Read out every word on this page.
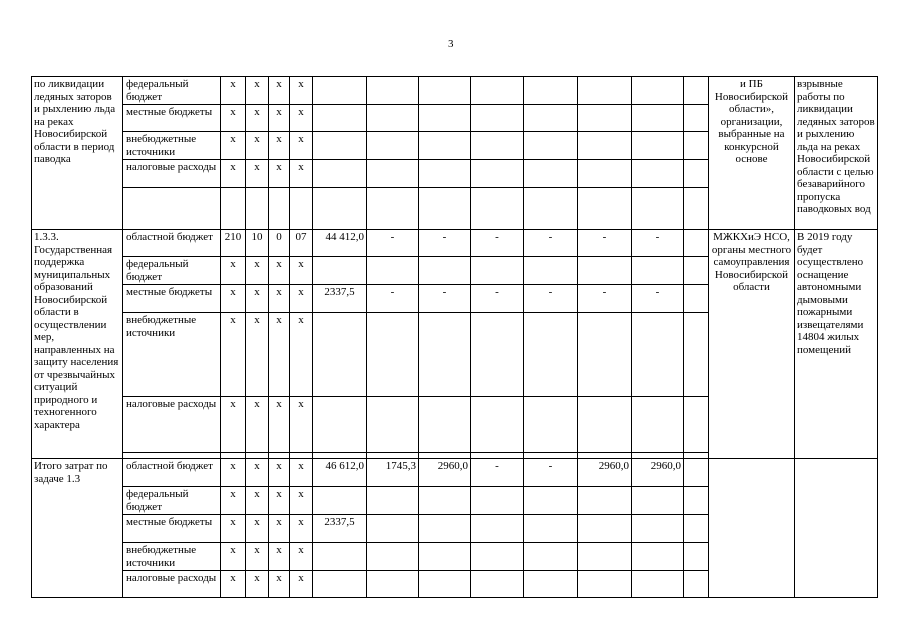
3
по ликвидации ледяных заторов и рыхлению льда на реках Новосибирской области в период паводка	федеральный бюджет	х	х	х	х									и ПБ Новосибирской области», организации, выбранные на конкурсной основе	взрывные работы по ликвидации ледяных заторов и рыхлению льда на реках Новосибирской области с целью безаварийного пропуска паводковых вод
	местные бюджеты	х	х	х	х										
	внебюджетные источники	х	х	х	х										
	налоговые расходы	х	х	х	х										

1.3.3. Государственная поддержка муниципальных образований Новосибирской области в осуществлении мер, направленных на защиту населения от чрезвычайных ситуаций природного и техногенного характера	областной бюджет	210	10	0	07	44 412,0	-	-	-	-	-	-		МЖКХиЭ НСО, органы местного самоуправления Новосибирской области	В 2019 году будет осуществлено оснащение автономными дымовыми пожарными извещателями 14804 жилых помещений
	федеральный бюджет	х	х	х	х										
	местные бюджеты	х	х	х	х	2337,5	-	-	-	-	-	-			
	внебюджетные источники	х	х	х	х										
	налоговые расходы	х	х	х	х										

Итого затрат по задаче 1.3	областной бюджет	х	х	х	х	46 612,0	1745,3	2960,0	-	-	2960,0	2960,0			
	федеральный бюджет	х	х	х	х										
	местные бюджеты	х	х	х	х	2337,5									
	внебюджетные источники	х	х	х	х										
	налоговые расходы	х	х	х	х										
